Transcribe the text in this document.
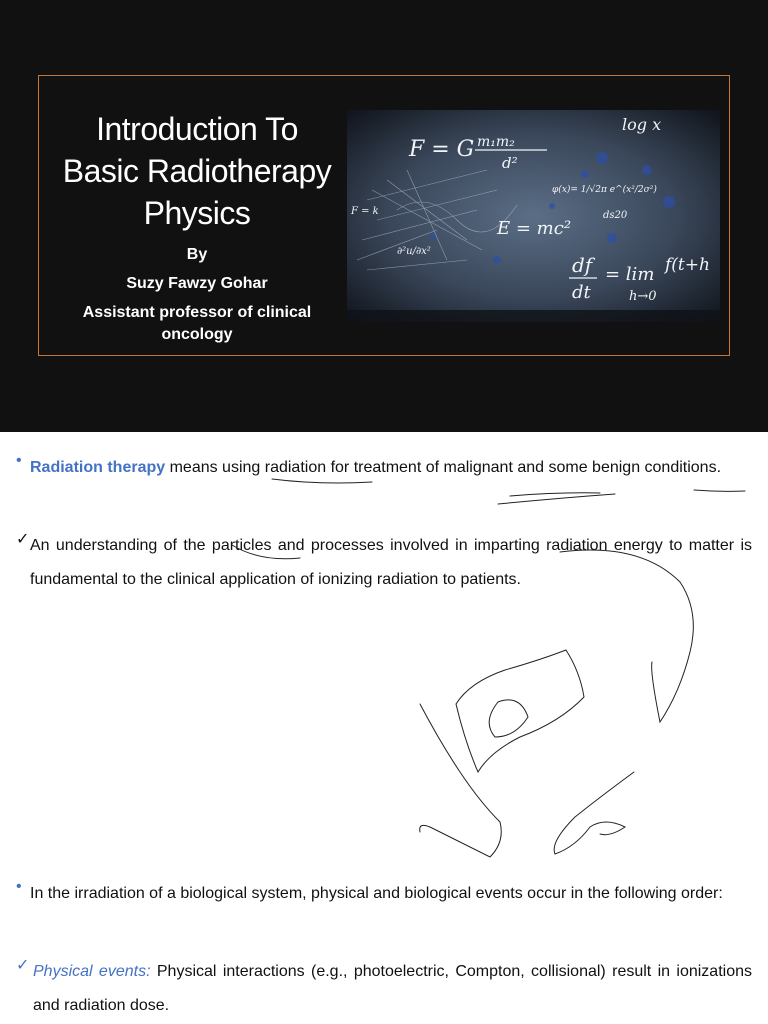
Introduction To
Basic Radiotherapy
Physics
By
Suzy Fawzy Gohar
Assistant professor of clinical oncology
F = G m₁m₂
d²
E = mc²
df
dt
= lim
h→0
f(t+h
ds20
φ(x)= 1/√2π e^(x²/2σ²)
log x
F = k
∂²u/∂x²
• Radiation therapy means using radiation for treatment of malignant and some benign conditions.
✓ An understanding of the particles and processes involved in imparting radiation energy to matter is fundamental to the clinical application of ionizing radiation to patients.
• In the irradiation of a biological system, physical and biological events occur in the following order:
✓ Physical events: Physical interactions (e.g., photoelectric, Compton, collisional) result in ionizations and radiation dose.
